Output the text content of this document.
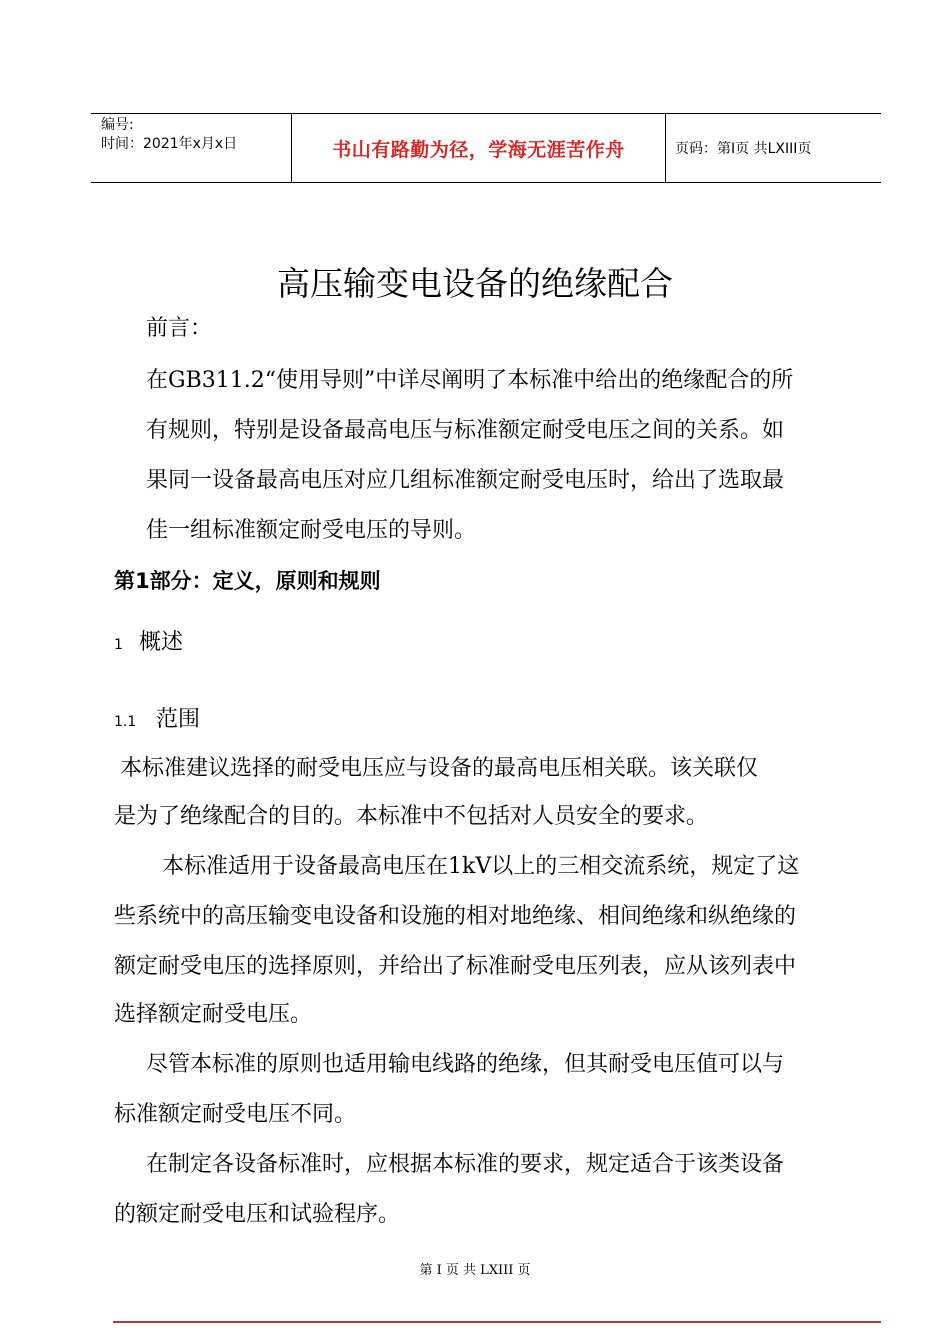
编号:
时间：2021年x月x日	书山有路勤为径，学海无涯苦作舟	页码：第I页 共LXIII页
高压输变电设备的绝缘配合
前言：
在GB311.2“使用导则”中详尽阐明了本标准中给出的绝缘配合的所
有规则，特别是设备最高电压与标准额定耐受电压之间的关系。如
果同一设备最高电压对应几组标准额定耐受电压时，给出了选取最
佳一组标准额定耐受电压的导则。
第1部分：定义，原则和规则
1 概述
1.1 范围
本标准建议选择的耐受电压应与设备的最高电压相关联。该关联仅
是为了绝缘配合的目的。本标准中不包括对人员安全的要求。
本标准适用于设备最高电压在1kV以上的三相交流系统，规定了这
些系统中的高压输变电设备和设施的相对地绝缘、相间绝缘和纵绝缘的
额定耐受电压的选择原则，并给出了标准耐受电压列表，应从该列表中
选择额定耐受电压。
尽管本标准的原则也适用输电线路的绝缘，但其耐受电压值可以与
标准额定耐受电压不同。
在制定各设备标准时，应根据本标准的要求，规定适合于该类设备
的额定耐受电压和试验程序。
第 I 页 共 LXIII 页
